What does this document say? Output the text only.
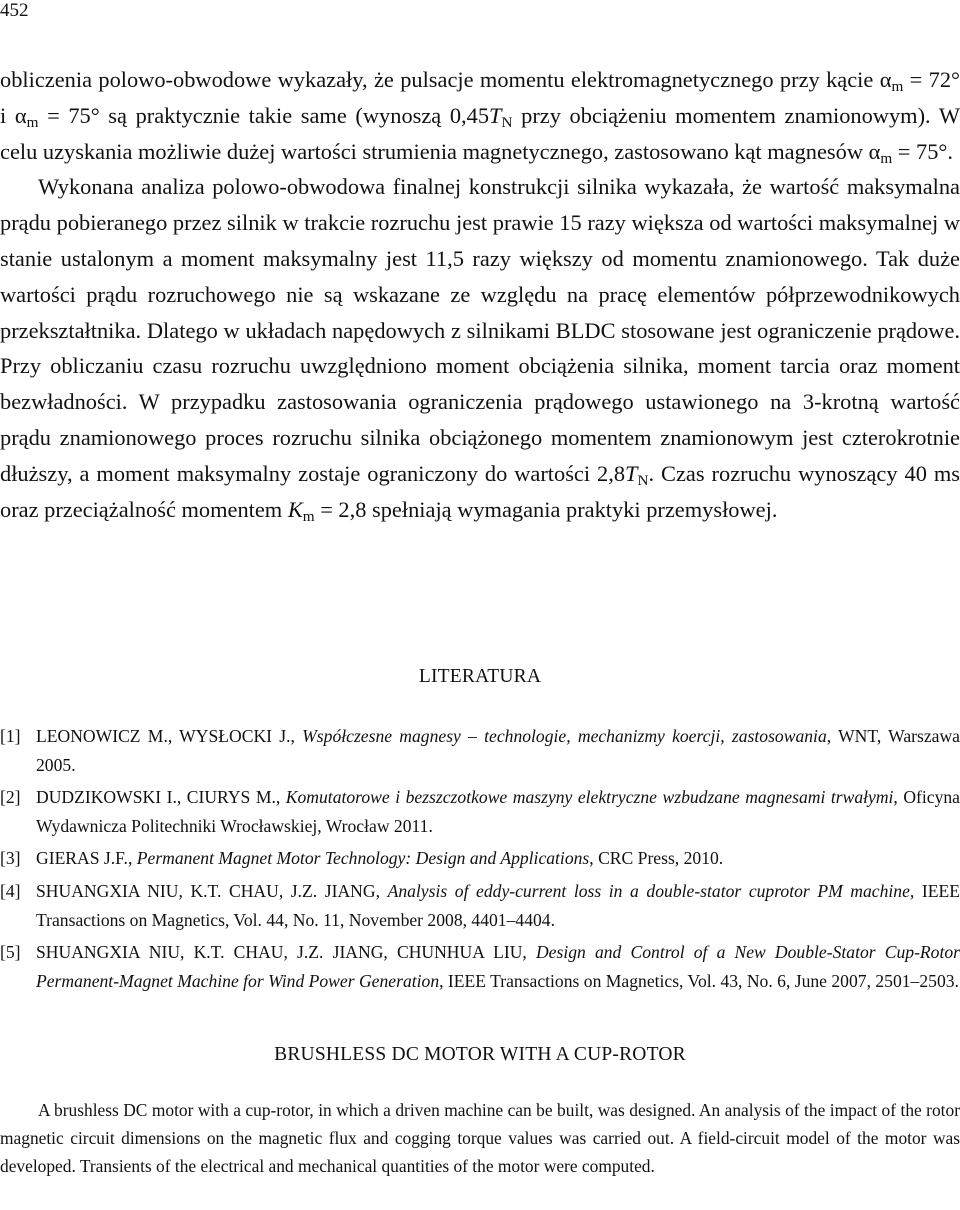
452

obliczenia polowo-obwodowe wykazały, że pulsacje momentu elektromagnetycznego przy kącie $\alpha_m = 72^\circ$ i $\alpha_m = 75^\circ$ są praktycznie takie same (wynoszą $0,45T_N$ przy obciążeniu momentem znamionowym). W celu uzyskania możliwie dużej wartości strumienia magnetycznego, zastosowano kąt magnesów $\alpha_m = 75^\circ$.

Wykonana analiza polowo-obwodowa finalnej konstrukcji silnika wykazała, że wartość maksymalna prądu pobieranego przez silnik w trakcie rozruchu jest prawie 15 razy większa od wartości maksymalnej w stanie ustalonym a moment maksymalny jest 11,5 razy większy od momentu znamionowego. Tak duże wartości prądu rozruchowego nie są wskazane ze względu na pracę elementów półprzewodnikowych przekształtnika. Dlatego w układach napędowych z silnikami BLDC stosowane jest ograniczenie prądowe. Przy obliczaniu czasu rozruchu uwzględniono moment obciążenia silnika, moment tarcia oraz moment bezwładności. W przypadku zastosowania ograniczenia prądowego ustawionego na 3-krotną wartość prądu znamionowego proces rozruchu silnika obciążonego momentem znamionowym jest czterokrotnie dłuższy, a moment maksymalny zostaje ograniczony do wartości $2,8T_N$. Czas rozruchu wynoszący 40 ms oraz przeciążalność momentem $K_m = 2,8$ spełniają wymagania praktyki przemysłowej.

LITERATURA
[1] LEONOWICZ M., WYSŁOCKI J., Współczesne magnesy – technologie, mechanizmy koercji, zastosowania, WNT, Warszawa 2005.
[2] DUDZIKOWSKI I., CIURYS M., Komutatorowe i bezszczotkowe maszyny elektryczne wzbudzane magnesami trwałymi, Oficyna Wydawnicza Politechniki Wrocławskiej, Wrocław 2011.
[3] GIERAS J.F., Permanent Magnet Motor Technology: Design and Applications, CRC Press, 2010.
[4] SHUANGXIA NIU, K.T. CHAU, J.Z. JIANG, Analysis of eddy-current loss in a double-stator cuprotor PM machine, IEEE Transactions on Magnetics, Vol. 44, No. 11, November 2008, 4401–4404.
[5] SHUANGXIA NIU, K.T. CHAU, J.Z. JIANG, CHUNHUA LIU, Design and Control of a New Double-Stator Cup-Rotor Permanent-Magnet Machine for Wind Power Generation, IEEE Transactions on Magnetics, Vol. 43, No. 6, June 2007, 2501–2503.
BRUSHLESS DC MOTOR WITH A CUP-ROTOR
A brushless DC motor with a cup-rotor, in which a driven machine can be built, was designed. An analysis of the impact of the rotor magnetic circuit dimensions on the magnetic flux and cogging torque values was carried out. A field-circuit model of the motor was developed. Transients of the electrical and mechanical quantities of the motor were computed.
